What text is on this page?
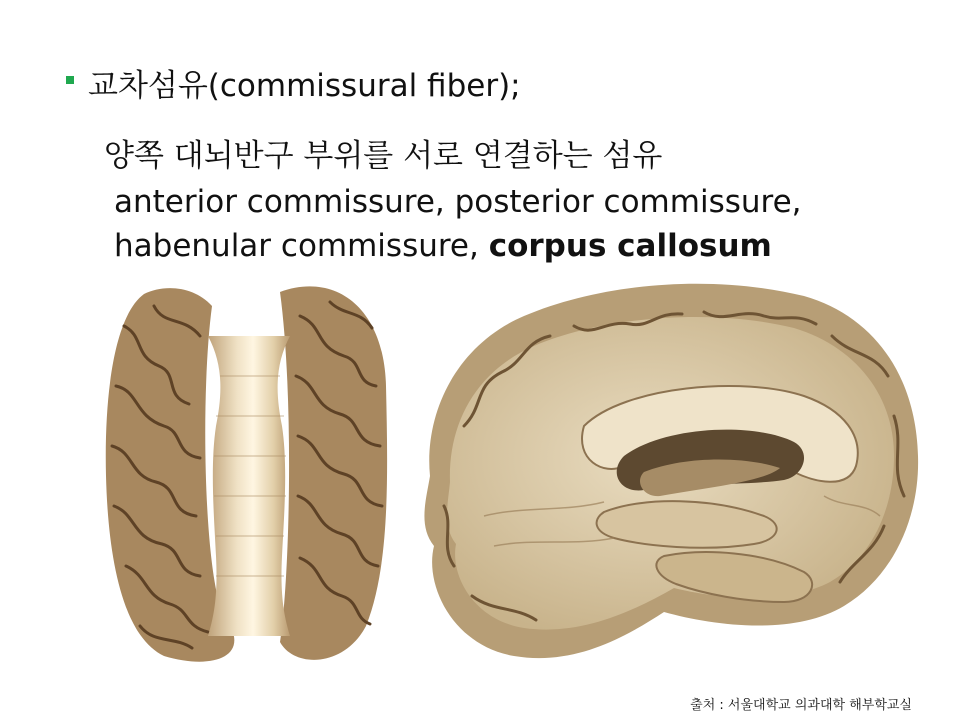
교차섬유(commissural fiber);
양쪽 대뇌반구 부위를 서로 연결하는 섬유
anterior commissure, posterior commissure,
habenular commissure, corpus callosum
출처 : 서울대학교 의과대학 해부학교실
